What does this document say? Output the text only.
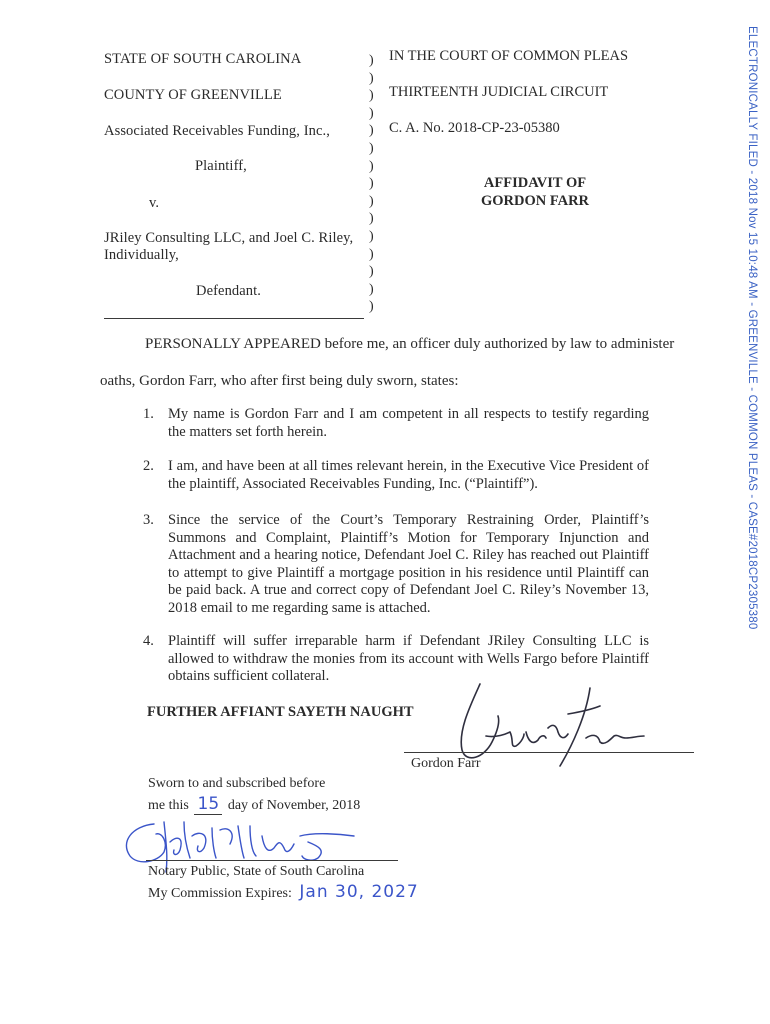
STATE OF SOUTH CAROLINA
COUNTY OF GREENVILLE
Associated Receivables Funding, Inc.,
Plaintiff,
v.
JRiley Consulting LLC, and Joel C. Riley,
Individually,
Defendant.
)
)
)
)
)
)
)
)
)
)
)
)
)
)
)
IN THE COURT OF COMMON PLEAS
THIRTEENTH JUDICIAL CIRCUIT
C. A. No. 2018-CP-23-05380
AFFIDAVIT OF
GORDON FARR
PERSONALLY APPEARED before me, an officer duly authorized by law to administer
oaths, Gordon Farr, who after first being duly sworn, states:
1. My name is Gordon Farr and I am competent in all respects to testify regarding the matters set forth herein.
2. I am, and have been at all times relevant herein, in the Executive Vice President of the plaintiff, Associated Receivables Funding, Inc. (“Plaintiff”).
3. Since the service of the Court’s Temporary Restraining Order, Plaintiff’s Summons and Complaint, Plaintiff’s Motion for Temporary Injunction and Attachment and a hearing notice, Defendant Joel C. Riley has reached out Plaintiff to attempt to give Plaintiff a mortgage position in his residence until Plaintiff can be paid back. A true and correct copy of Defendant Joel C. Riley’s November 13, 2018 email to me regarding same is attached.
4. Plaintiff will suffer irreparable harm if Defendant JRiley Consulting LLC is allowed to withdraw the monies from its account with Wells Fargo before Plaintiff obtains sufficient collateral.
FURTHER AFFIANT SAYETH NAUGHT
Gordon Farr
Sworn to and subscribed before
me this 15 day of November, 2018
Notary Public, State of South Carolina
My Commission Expires: Jan 30, 2027
ELECTRONICALLY FILED - 2018 Nov 15 10:48 AM - GREENVILLE - COMMON PLEAS - CASE#2018CP2305380
